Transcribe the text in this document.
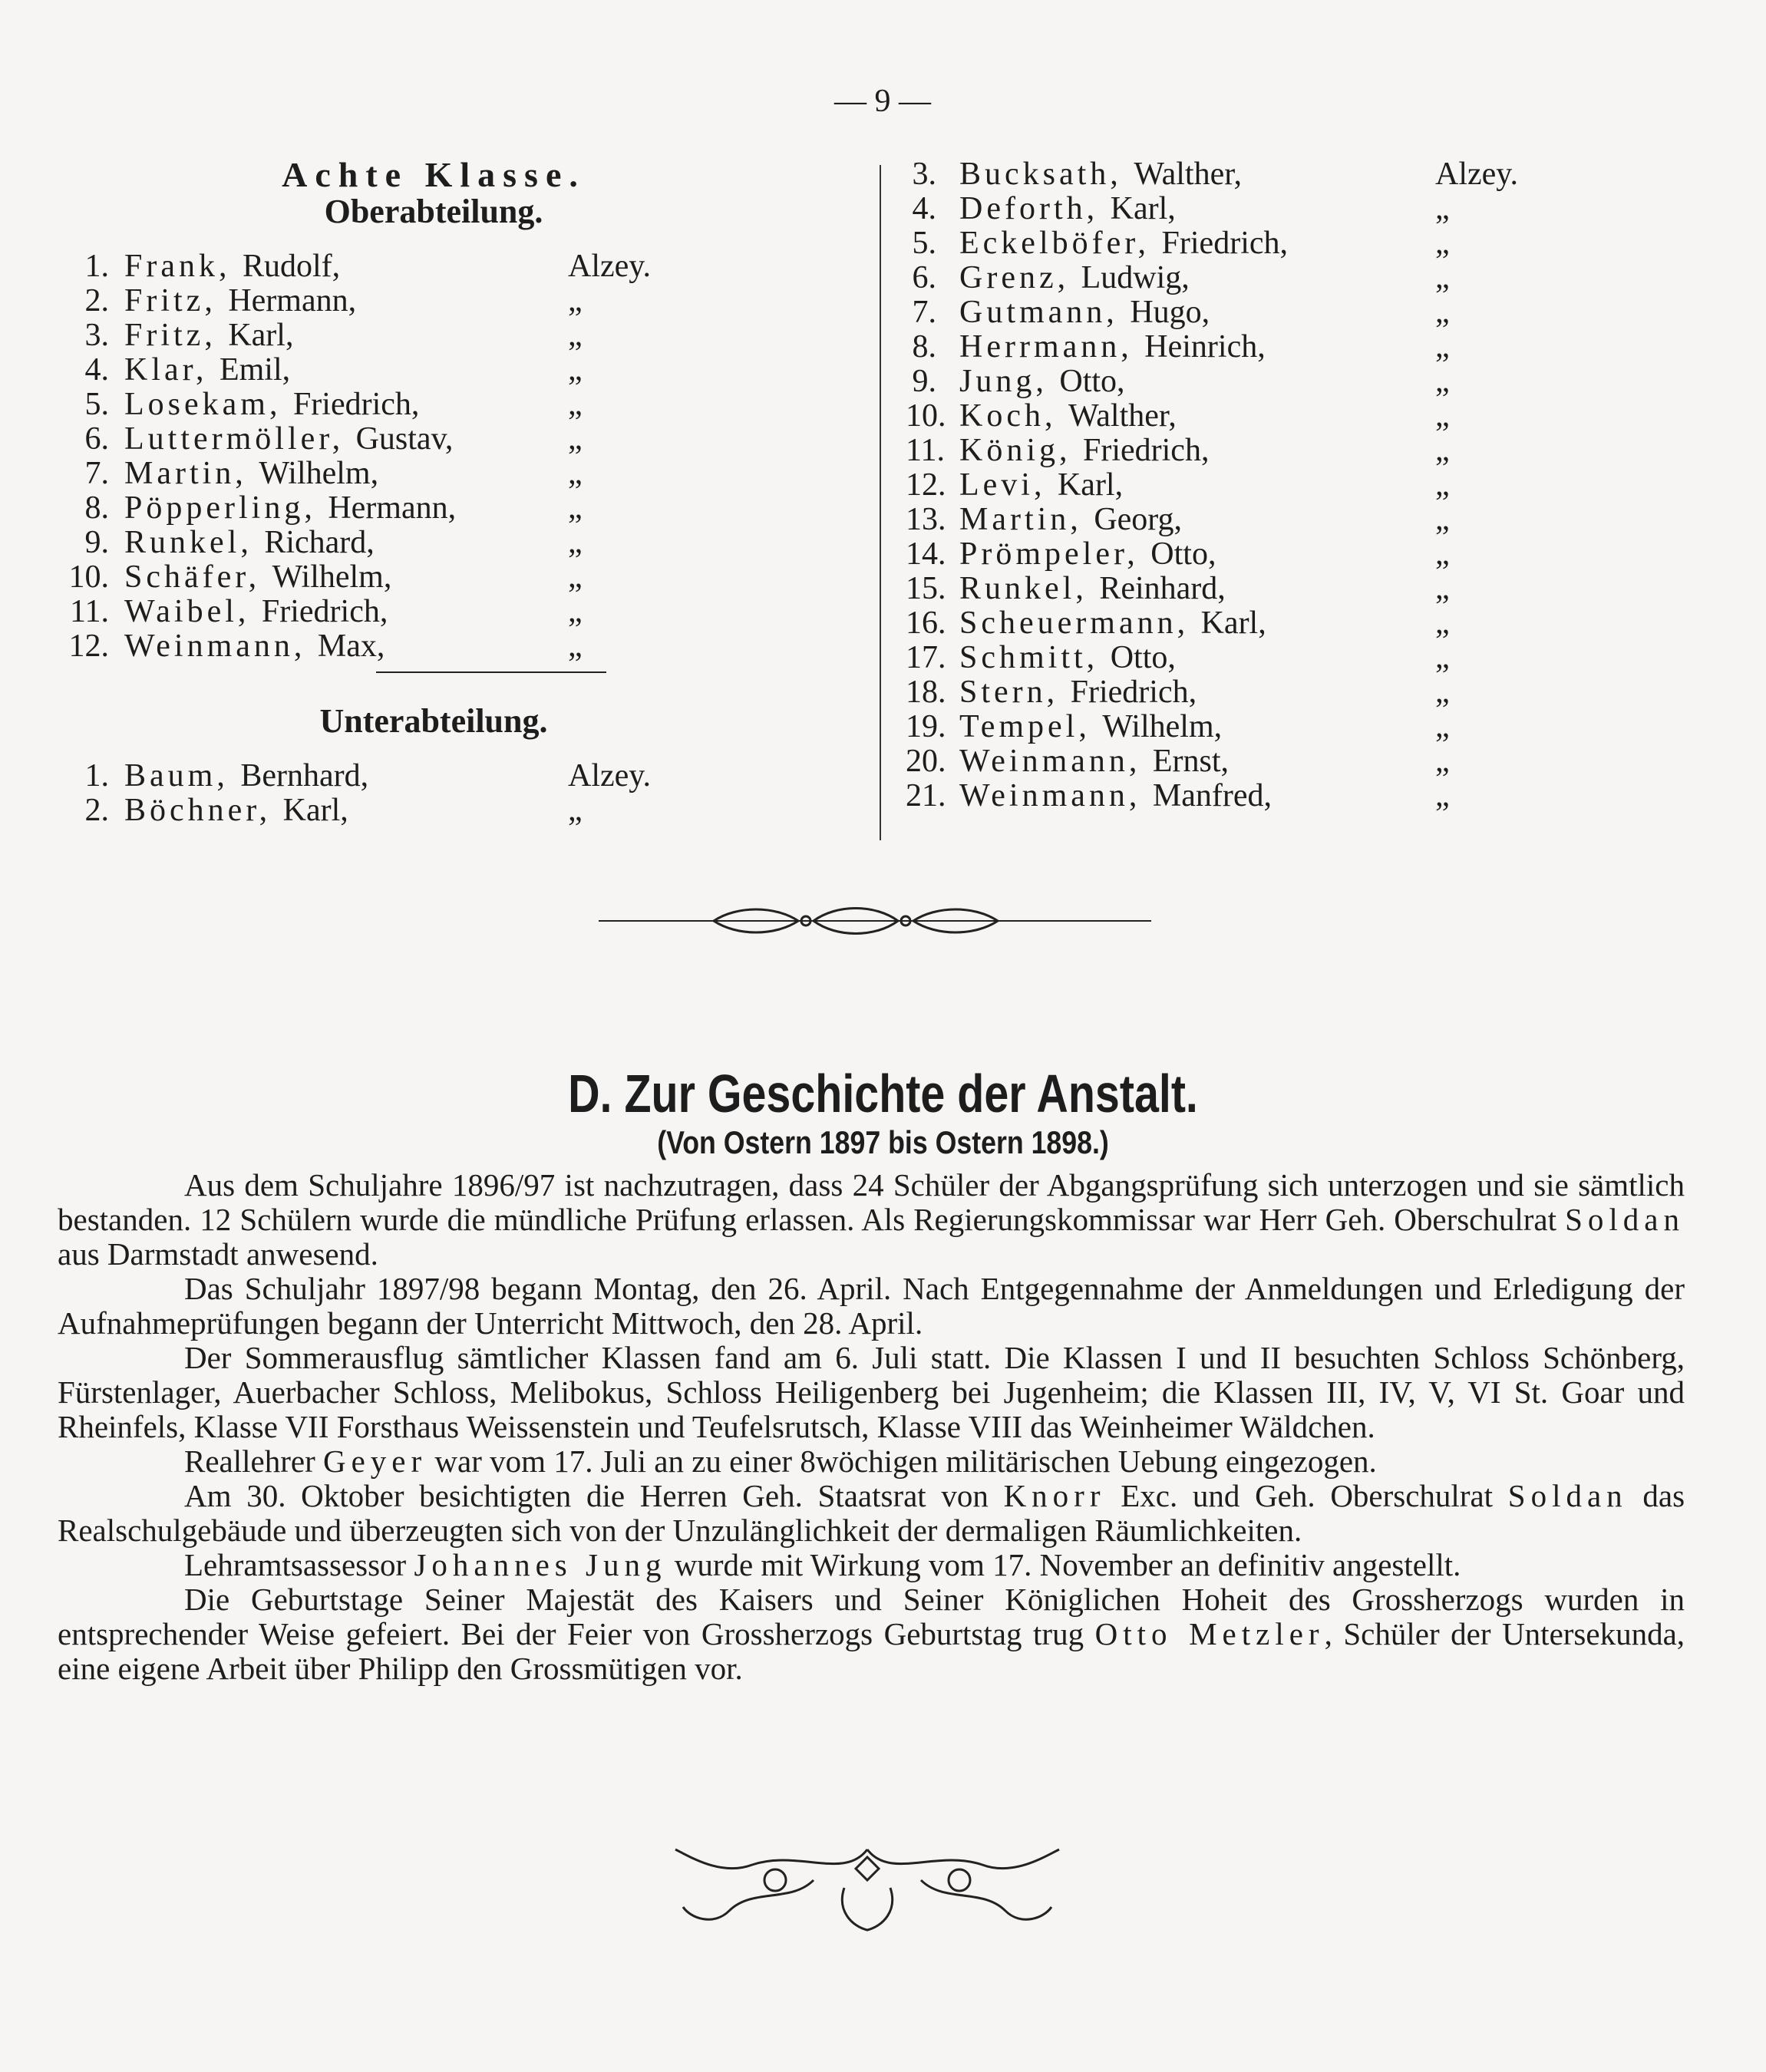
— 9 —
Achte Klasse.
Oberabteilung.
1. Frank, Rudolf,	Alzey.
2. Fritz, Hermann,	„
3. Fritz, Karl,	„
4. Klar, Emil,	„
5. Losekam, Friedrich,	„
6. Luttermöller, Gustav,	„
7. Martin, Wilhelm,	„
8. Pöpperling, Hermann,	„
9. Runkel, Richard,	„
10. Schäfer, Wilhelm,	„
11. Waibel, Friedrich,	„
12. Weinmann, Max,	„
Unterabteilung.
1. Baum, Bernhard,	Alzey.
2. Böchner, Karl,	„
3. Bucksath, Walther,	Alzey.
4. Deforth, Karl,	„
5. Eckelböfer, Friedrich,	„
6. Grenz, Ludwig,	„
7. Gutmann, Hugo,	„
8. Herrmann, Heinrich,	„
9. Jung, Otto,	„
10. Koch, Walther,	„
11. König, Friedrich,	„
12. Levi, Karl,	„
13. Martin, Georg,	„
14. Prömpeler, Otto,	„
15. Runkel, Reinhard,	„
16. Scheuermann, Karl,	„
17. Schmitt, Otto,	„
18. Stern, Friedrich,	„
19. Tempel, Wilhelm,	„
20. Weinmann, Ernst,	„
21. Weinmann, Manfred,	„
D. Zur Geschichte der Anstalt.
(Von Ostern 1897 bis Ostern 1898.)

Aus dem Schuljahre 1896/97 ist nachzutragen, dass 24 Schüler der Abgangsprüfung sich unterzogen und sie sämtlich bestanden. 12 Schülern wurde die mündliche Prüfung erlassen. Als Regierungskommissar war Herr Geh. Oberschulrat Soldan aus Darmstadt anwesend.

Das Schuljahr 1897/98 begann Montag, den 26. April. Nach Entgegennahme der Anmeldungen und Erledigung der Aufnahmeprüfungen begann der Unterricht Mittwoch, den 28. April.

Der Sommerausflug sämtlicher Klassen fand am 6. Juli statt. Die Klassen I und II besuchten Schloss Schönberg, Fürstenlager, Auerbacher Schloss, Melibokus, Schloss Heiligenberg bei Jugenheim; die Klassen III, IV, V, VI St. Goar und Rheinfels, Klasse VII Forsthaus Weissenstein und Teufelsrutsch, Klasse VIII das Weinheimer Wäldchen.

Reallehrer Geyer war vom 17. Juli an zu einer 8wöchigen militärischen Uebung eingezogen.

Am 30. Oktober besichtigten die Herren Geh. Staatsrat von Knorr Exc. und Geh. Oberschulrat Soldan das Realschulgebäude und überzeugten sich von der Unzulänglichkeit der dermaligen Räumlichkeiten.

Lehramtsassessor Johannes Jung wurde mit Wirkung vom 17. November an definitiv angestellt.

Die Geburtstage Seiner Majestät des Kaisers und Seiner Königlichen Hoheit des Grossherzogs wurden in entsprechender Weise gefeiert. Bei der Feier von Grossherzogs Geburtstag trug Otto Metzler, Schüler der Untersekunda, eine eigene Arbeit über Philipp den Grossmütigen vor.
